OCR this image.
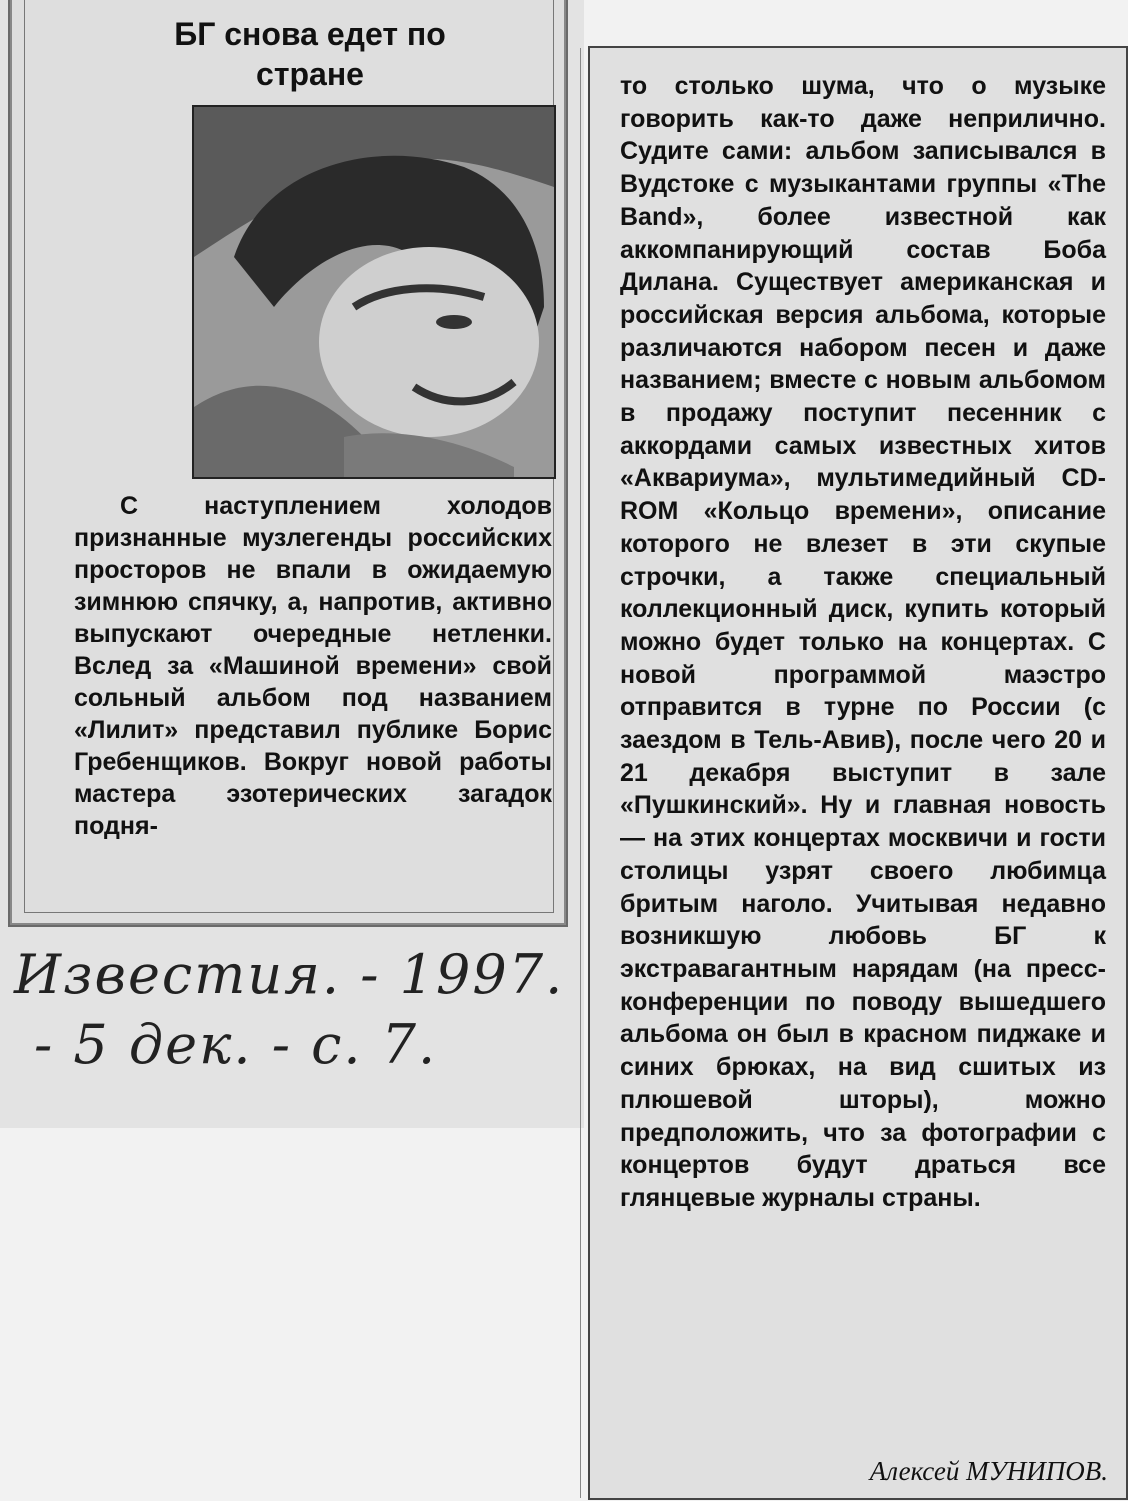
БГ снова едет по стране
С наступлением холодов признанные музлегенды российских просторов не впали в ожидаемую зимнюю спячку, а, напротив, активно выпускают очередные нетленки. Вслед за «Машиной времени» свой сольный альбом под названием «Лилит» представил публике Борис Гребенщиков. Вокруг новой работы мастера эзотерических загадок подня-
Известия. - 1997.
- 5 дек. - с. 7.
то столько шума, что о музыке говорить как-то даже неприлично. Судите сами: альбом записывался в Вудстоке с музыкантами группы «The Band», более известной как аккомпанирующий состав Боба Дилана. Существует американская и российская версия альбома, которые различаются набором песен и даже названием; вместе с новым альбомом в продажу поступит песенник с аккордами самых известных хитов «Аквариума», мультимедийный CD-ROM «Кольцо времени», описание которого не влезет в эти скупые строчки, а также специальный коллекционный диск, купить который можно будет только на концертах. С новой программой маэстро отправится в турне по России (с заездом в Тель-Авив), после чего 20 и 21 декабря выступит в зале «Пушкинский». Ну и главная новость — на этих концертах москвичи и гости столицы узрят своего любимца бритым наголо. Учитывая недавно возникшую любовь БГ к экстравагантным нарядам (на пресс-конференции по поводу вышедшего альбома он был в красном пиджаке и синих брюках, на вид сшитых из плюшевой шторы), можно предположить, что за фотографии с концертов будут драться все глянцевые журналы страны.
Алексей МУНИПОВ.
